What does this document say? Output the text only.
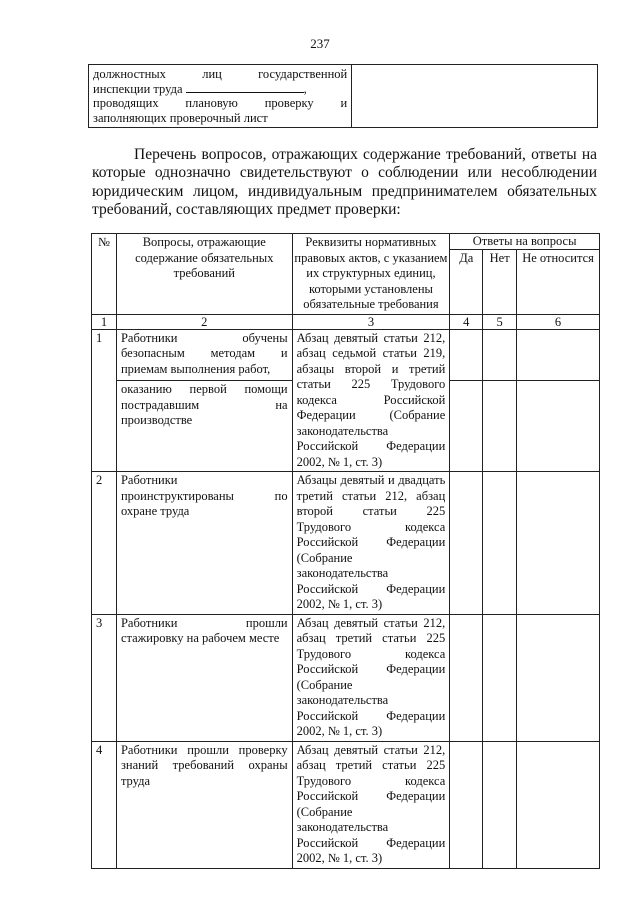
237
должностных лиц государственной
инспекции труда	,
проводящих плановую проверку и
заполняющих проверочный лист

Перечень вопросов, отражающих содержание требований, ответы на которые однозначно свидетельствуют о соблюдении или несоблюдении юридическим лицом, индивидуальным предпринимателем обязательных требований, составляющих предмет проверки:
№	Вопросы, отражающие содержание обязательных требований	Реквизиты нормативных правовых актов, с указанием их структурных единиц, которыми установлены обязательные требования	Ответы на вопросы		
			Да	Нет	Не относится
1	2	3	4	5	6
1	Работники обучены безопасным методам и приемам выполнения работ,	Абзац девятый статьи 212, абзац седьмой статьи 219, абзацы второй и третий статьи 225 Трудового кодекса Российской Федерации (Собрание законодательства Российской Федерации 2002, № 1, ст. 3)			
	оказанию первой помощи пострадавшим на производстве				
2	Работники проинструктированы по охране труда	Абзацы девятый и двадцать третий статьи 212, абзац второй статьи 225 Трудового кодекса Российской Федерации (Собрание законодательства Российской Федерации 2002, № 1, ст. 3)			
3	Работники прошли стажировку на рабочем месте	Абзац девятый статьи 212, абзац третий статьи 225 Трудового кодекса Российской Федерации (Собрание законодательства Российской Федерации 2002, № 1, ст. 3)			
4	Работники прошли проверку знаний требований охраны труда	Абзац девятый статьи 212, абзац третий статьи 225 Трудового кодекса Российской Федерации (Собрание законодательства Российской Федерации 2002, № 1, ст. 3)			
